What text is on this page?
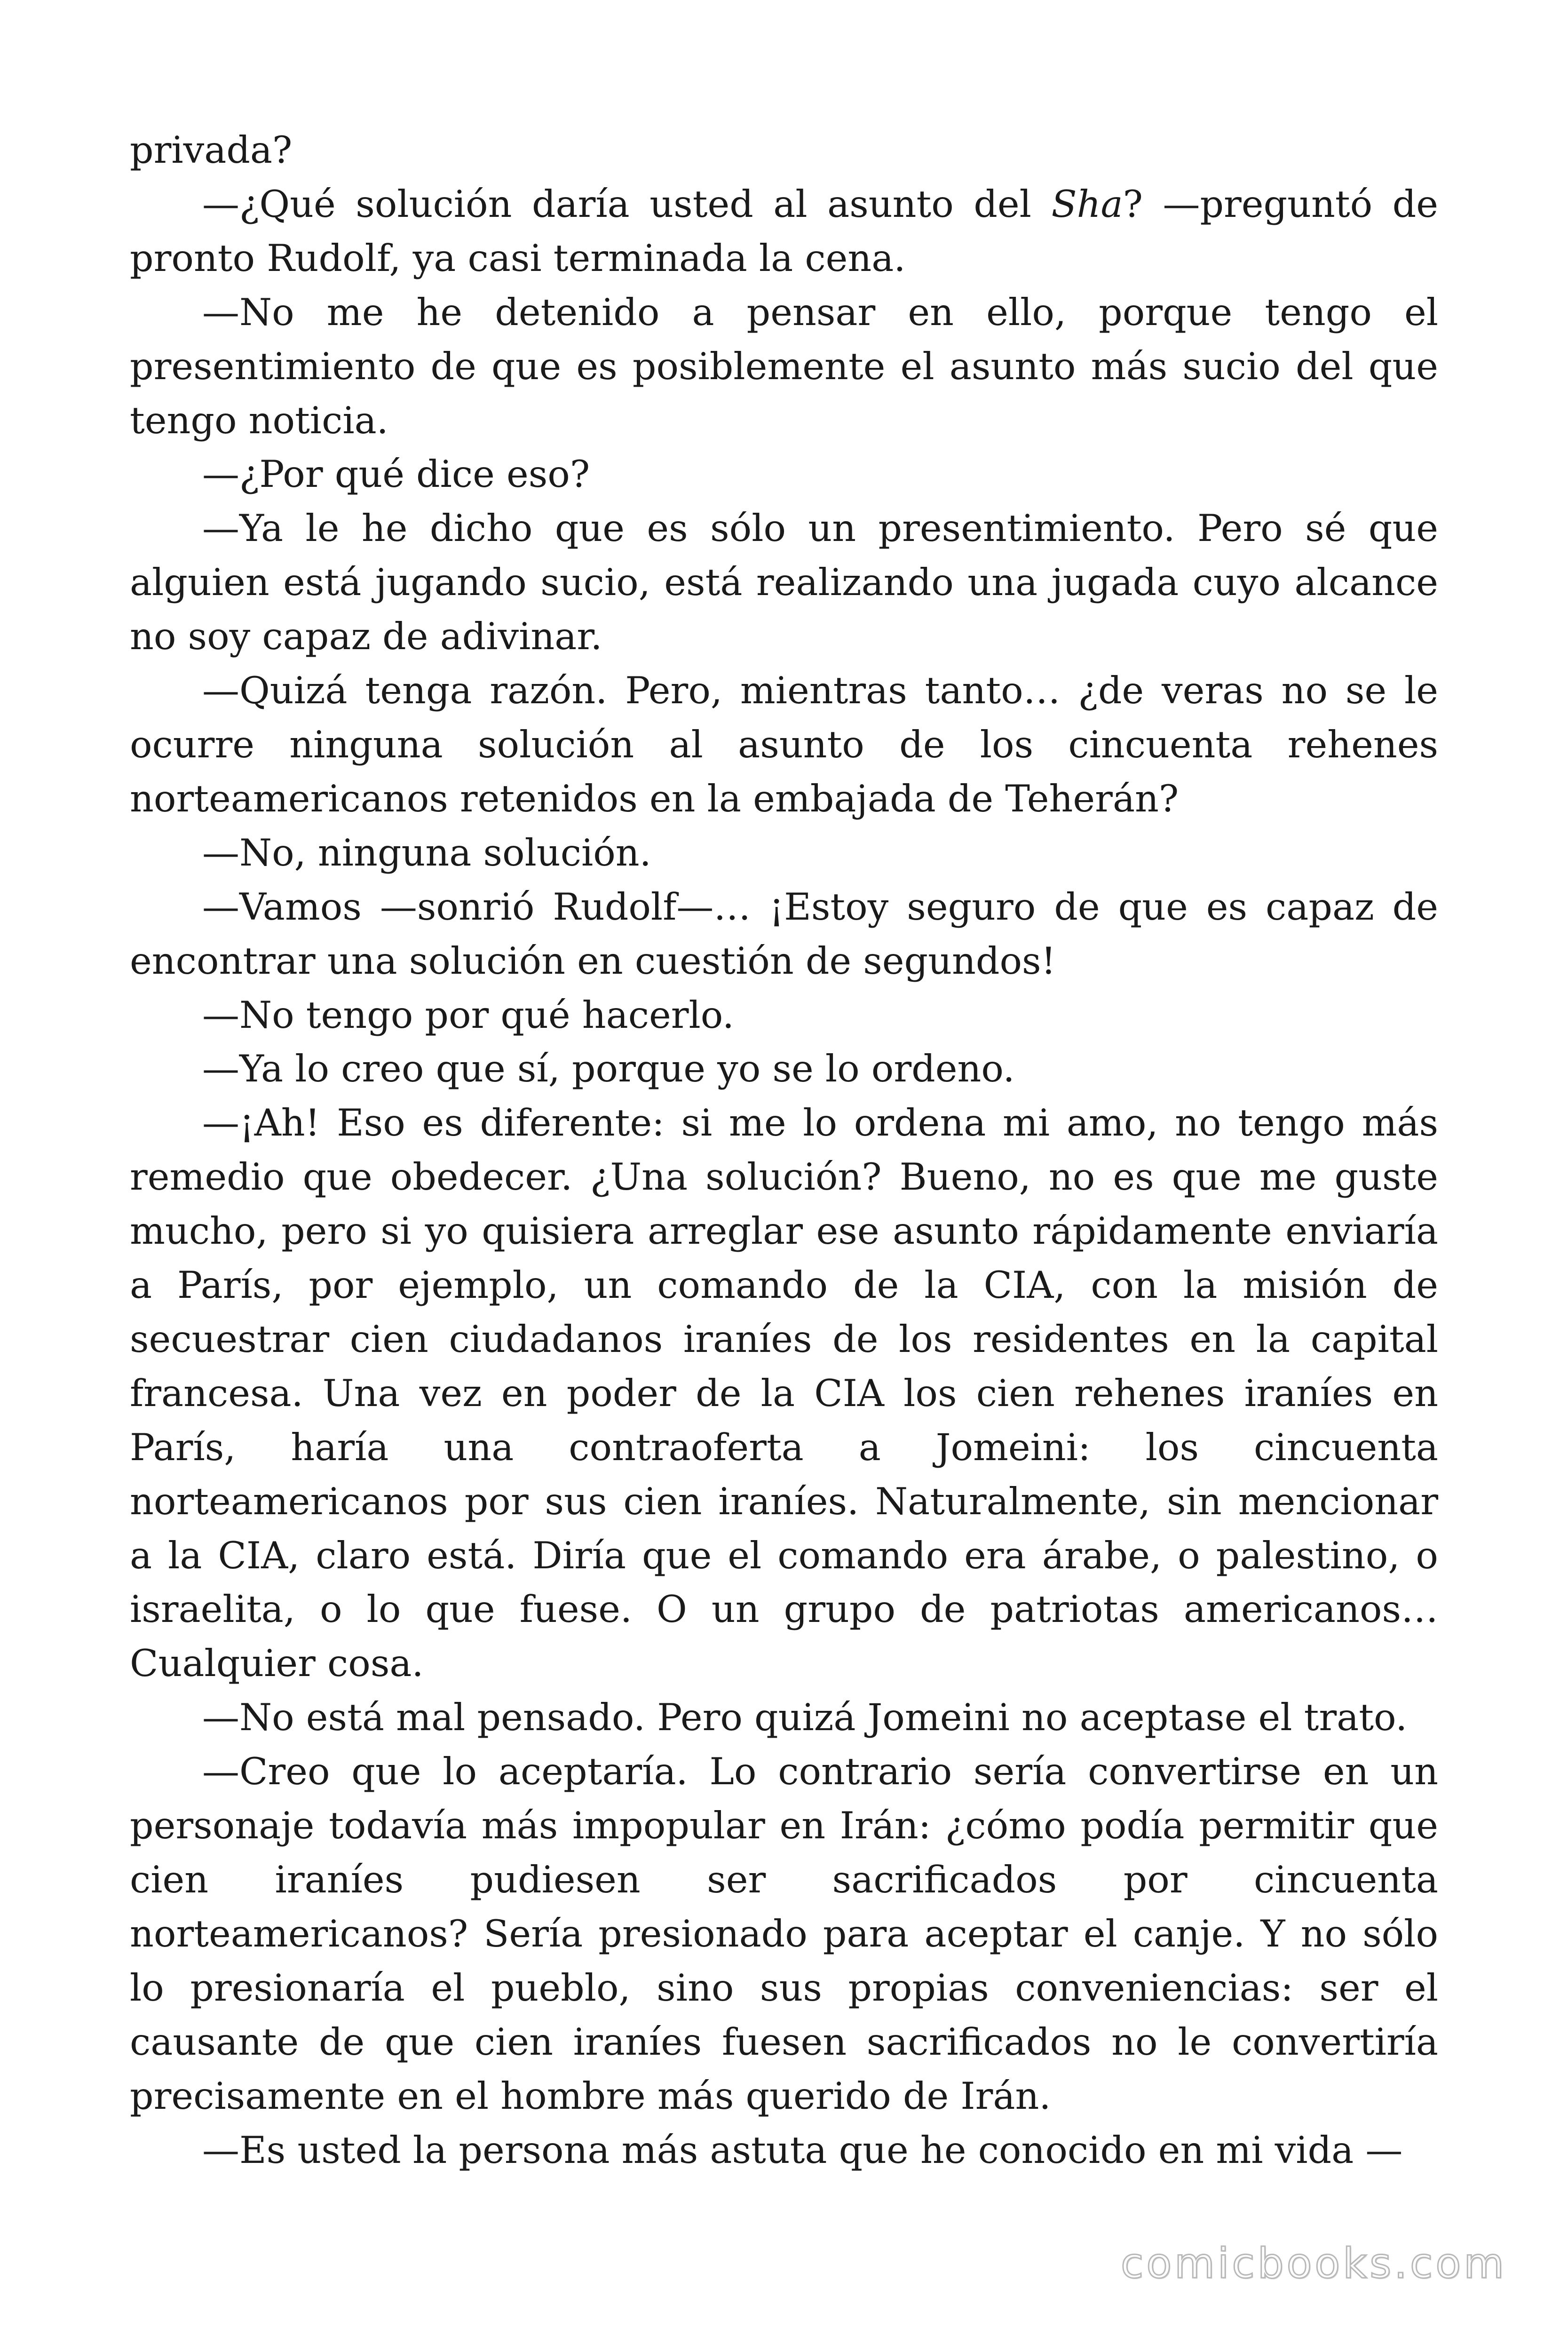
privada?

—¿Qué solución daría usted al asunto del Sha? —preguntó de pronto Rudolf, ya casi terminada la cena.

—No me he detenido a pensar en ello, porque tengo el presentimiento de que es posiblemente el asunto más sucio del que tengo noticia.

—¿Por qué dice eso?

—Ya le he dicho que es sólo un presentimiento. Pero sé que alguien está jugando sucio, está realizando una jugada cuyo alcance no soy capaz de adivinar.

—Quizá tenga razón. Pero, mientras tanto… ¿de veras no se le ocurre ninguna solución al asunto de los cincuenta rehenes norteamericanos retenidos en la embajada de Teherán?

—No, ninguna solución.

—Vamos —sonrió Rudolf—… ¡Estoy seguro de que es capaz de encontrar una solución en cuestión de segundos!

—No tengo por qué hacerlo.

—Ya lo creo que sí, porque yo se lo ordeno.

—¡Ah! Eso es diferente: si me lo ordena mi amo, no tengo más remedio que obedecer. ¿Una solución? Bueno, no es que me guste mucho, pero si yo quisiera arreglar ese asunto rápidamente enviaría a París, por ejemplo, un comando de la CIA, con la misión de secuestrar cien ciudadanos iraníes de los residentes en la capital francesa. Una vez en poder de la CIA los cien rehenes iraníes en París, haría una contraoferta a Jomeini: los cincuenta norteamericanos por sus cien iraníes. Naturalmente, sin mencionar a la CIA, claro está. Diría que el comando era árabe, o palestino, o israelita, o lo que fuese. O un grupo de patriotas americanos… Cualquier cosa.

—No está mal pensado. Pero quizá Jomeini no aceptase el trato.

—Creo que lo aceptaría. Lo contrario sería convertirse en un personaje todavía más impopular en Irán: ¿cómo podía permitir que cien iraníes pudiesen ser sacrificados por cincuenta norteamericanos? Sería presionado para aceptar el canje. Y no sólo lo presionaría el pueblo, sino sus propias conveniencias: ser el causante de que cien iraníes fuesen sacrificados no le convertiría precisamente en el hombre más querido de Irán.

—Es usted la persona más astuta que he conocido en mi vida —

comicbooks.com
